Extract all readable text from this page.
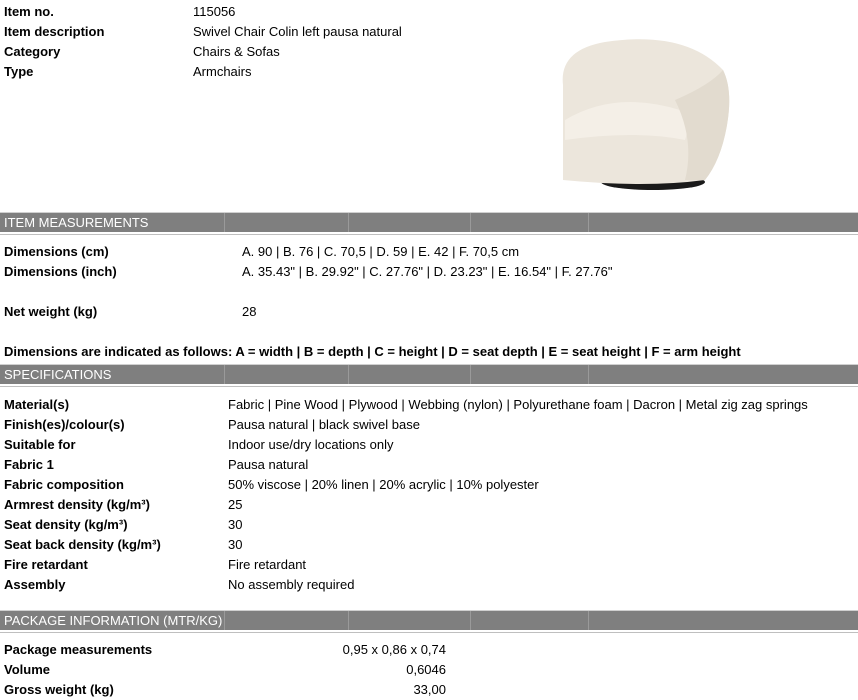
Item no.	115056
Item description	Swivel Chair Colin left pausa natural
Category	Chairs & Sofas
Type	Armchairs
ITEM MEASUREMENTS
Dimensions (cm)	A. 90 | B. 76 | C. 70,5 | D. 59 | E. 42 | F. 70,5 cm
Dimensions (inch)	A. 35.43" | B. 29.92" | C. 27.76" | D. 23.23" | E. 16.54" | F. 27.76"
Net weight (kg)	28
Dimensions are indicated as follows: A = width | B = depth | C = height | D = seat depth | E = seat height | F = arm height
SPECIFICATIONS
Material(s)	Fabric | Pine Wood | Plywood | Webbing (nylon) | Polyurethane foam | Dacron | Metal zig zag springs
Finish(es)/colour(s)	Pausa natural | black swivel base
Suitable for	Indoor use/dry locations only
Fabric 1	Pausa natural
Fabric composition	50% viscose | 20% linen | 20% acrylic | 10% polyester
Armrest density (kg/m³)	25
Seat density (kg/m³)	30
Seat back density (kg/m³)	30
Fire retardant	Fire retardant
Assembly	No assembly required
PACKAGE INFORMATION (MTR/KG)
Package measurements	0,95 x 0,86 x 0,74
Volume	0,6046
Gross weight (kg)	33,00
